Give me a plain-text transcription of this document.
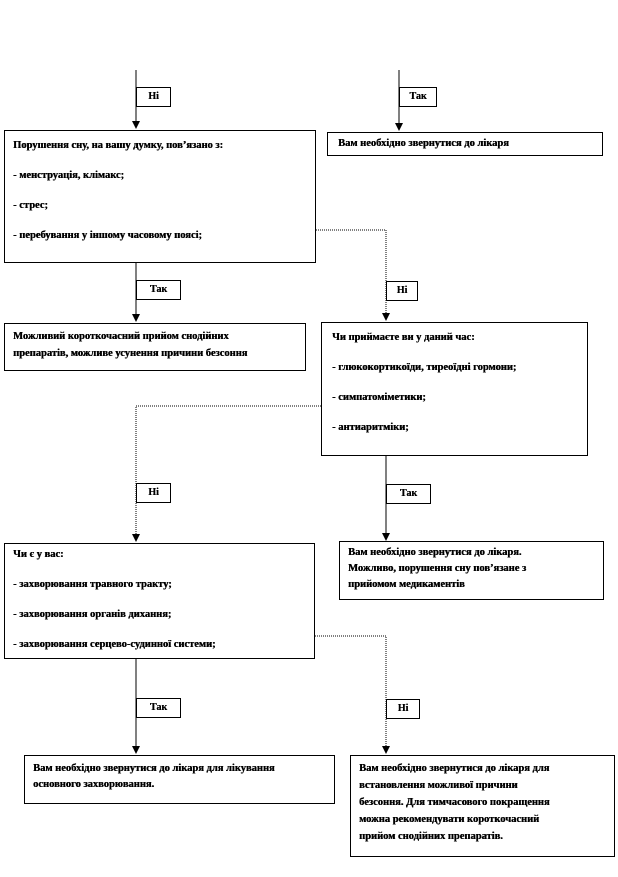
Ні	Так
Так	Ні
Ні	Так
Так	Ні

Порушення сну, на вашу думку, пов’язано з:

- менструація, клімакс;

- стрес;

- перебування у іншому часовому поясі;

Вам необхідно звернутися до лікаря

Можливий короткочасний прийом снодійних

препаратів, можливе усунення причини безсоння

Чи приймаєте ви у даний час:

- глюкокортикоїди, тиреоїдні гормони;

- симпатоміметики;

- антиаритміки;

Чи є у вас:

- захворювання травного тракту;

- захворювання органів дихання;

- захворювання серцево-судинної системи;

Вам необхідно звернутися до лікаря.

Можливо, порушення сну пов’язане з

прийомом медикаментів

Вам необхідно звернутися до лікаря для лікування

основного захворювання.

Вам необхідно звернутися до лікаря для

встановлення можливої причини

безсоння. Для тимчасового покращення

можна рекомендувати короткочасний

прийом снодійних препаратів.
